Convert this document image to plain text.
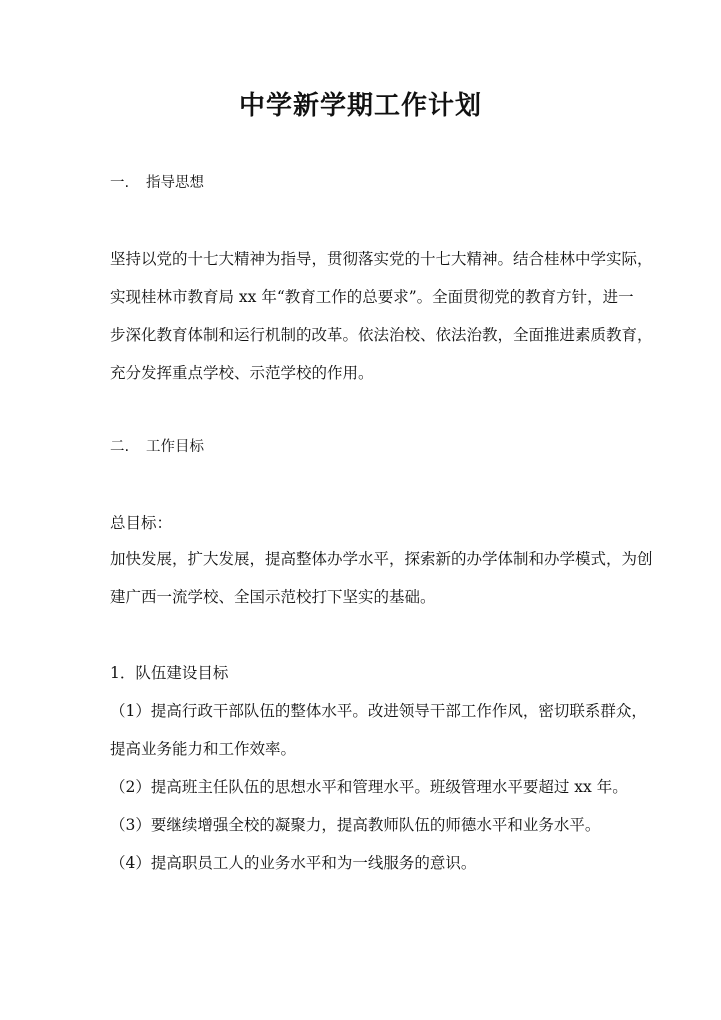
中学新学期工作计划
一. 指导思想
坚持以党的十七大精神为指导，贯彻落实党的十七大精神。结合桂林中学实际，
实现桂林市教育局 xx 年“教育工作的总要求”。全面贯彻党的教育方针，进一
步深化教育体制和运行机制的改革。依法治校、依法治教，全面推进素质教育，
充分发挥重点学校、示范学校的作用。
二. 工作目标
总目标：
加快发展，扩大发展，提高整体办学水平，探索新的办学体制和办学模式，为创
建广西一流学校、全国示范校打下坚实的基础。
1．队伍建设目标
（1）提高行政干部队伍的整体水平。改进领导干部工作作风，密切联系群众，
提高业务能力和工作效率。
（2）提高班主任队伍的思想水平和管理水平。班级管理水平要超过 xx 年。
（3）要继续增强全校的凝聚力，提高教师队伍的师德水平和业务水平。
（4）提高职员工人的业务水平和为一线服务的意识。
